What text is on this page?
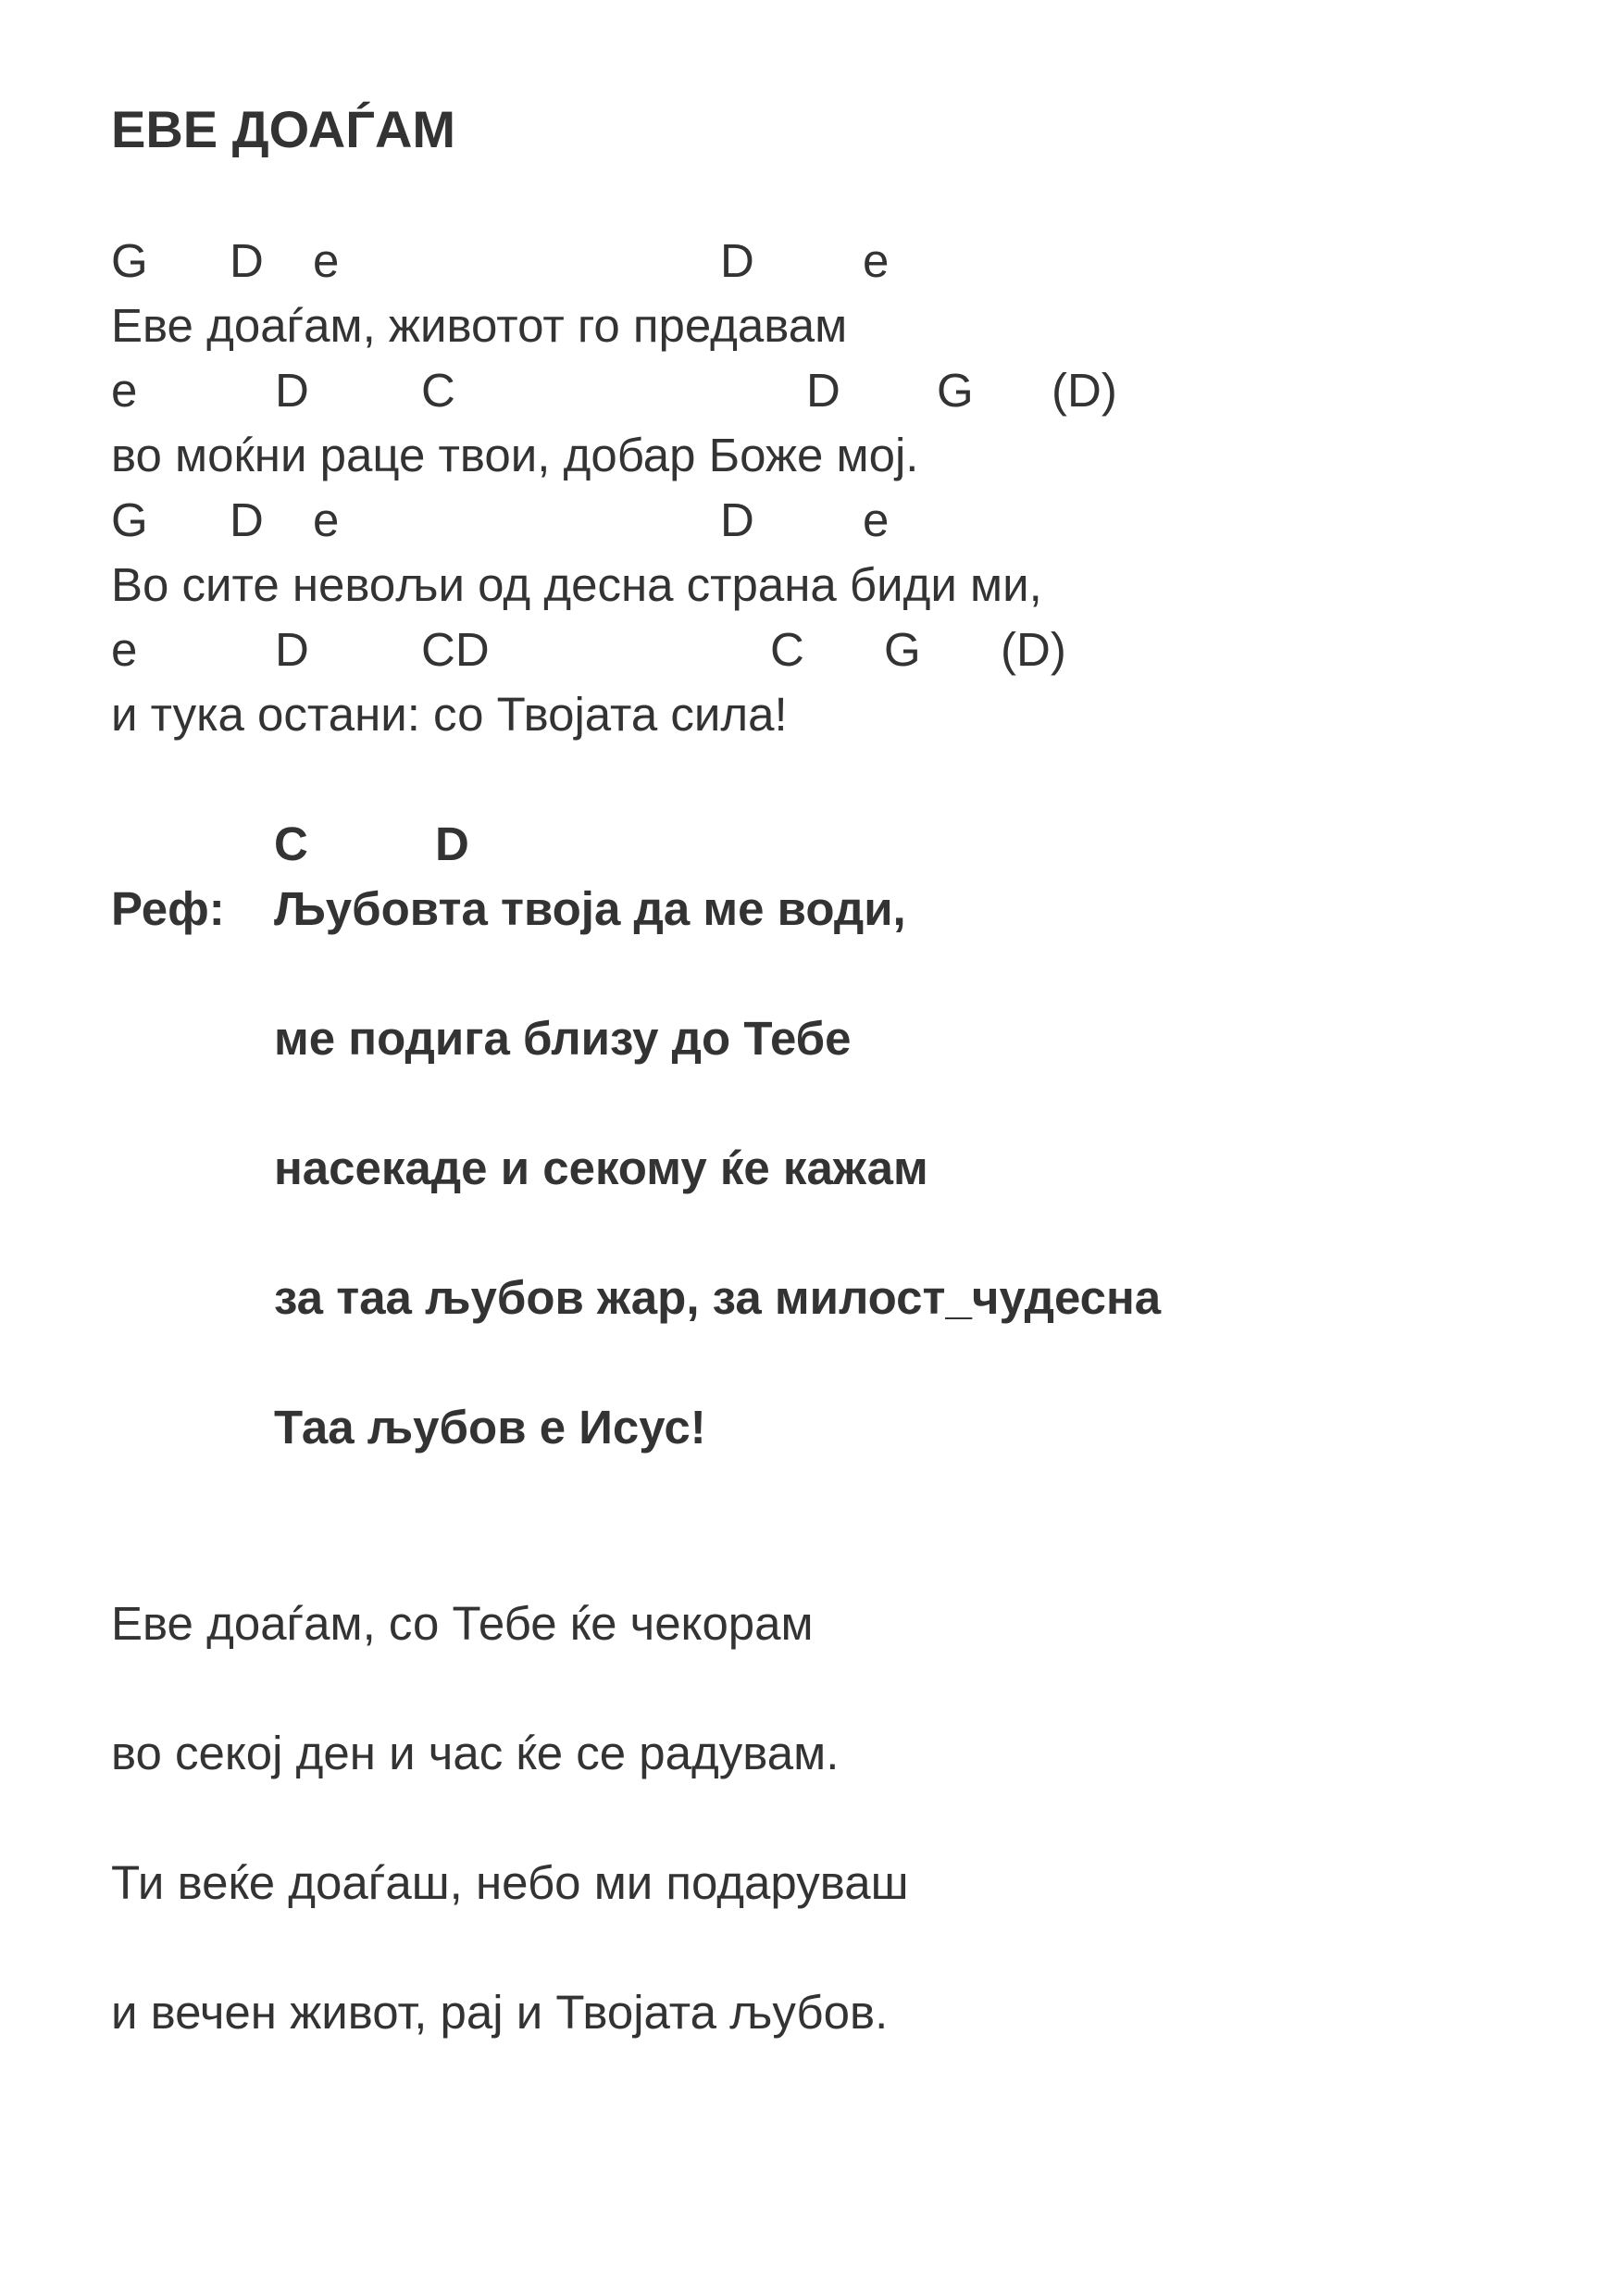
ЕВЕ ДОАЃАМ
G D e	D e

Еве доаѓам, животот го предавам

e	D C	D G (D)

во моќни раце твои, добар Боже мој.

G D e	D e

Во сите невољи од десна страна биди ми,

e	D CD	C G (D)

и тука остани: со Твојата сила!

C	D

Реф: Љубовта твоја да ме води,

ме подига близу до Тебе

насекаде и секому ќе кажам

за таа љубов жар, за милост_чудесна

Таа љубов е Исус!

Еве доаѓам, со Тебе ќе чекорам

во секој ден и час ќе се радувам.

Ти веќе доаѓаш, небо ми подаруваш

и вечен живот, рај и Твојата љубов.
